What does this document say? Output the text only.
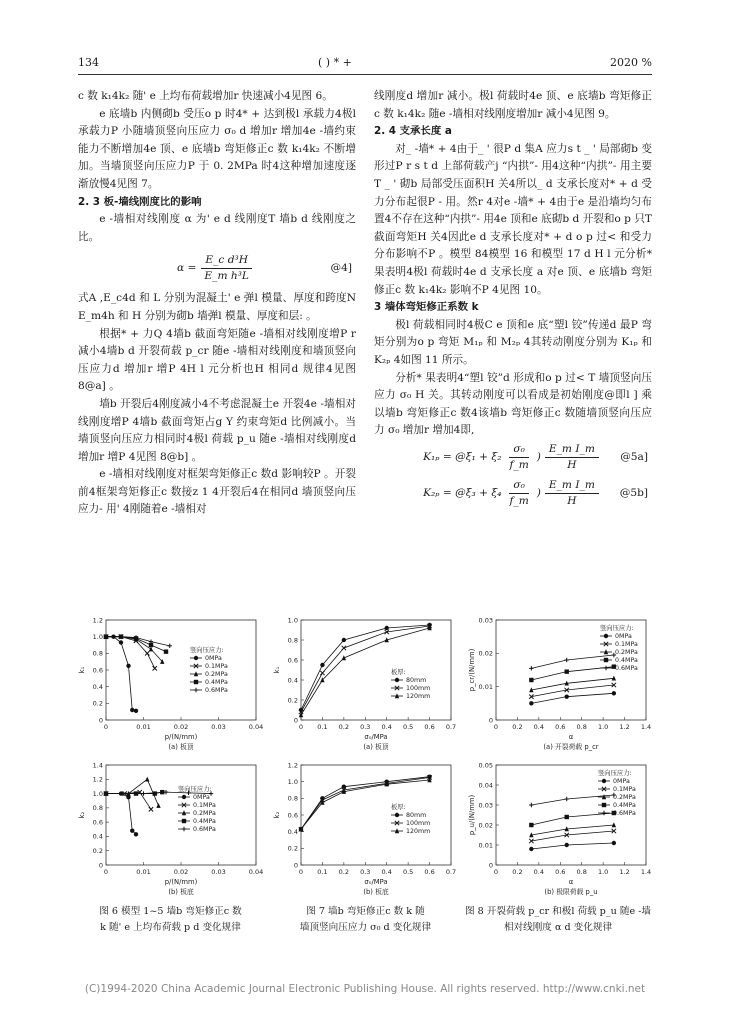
134	( ) * +	2020 %

c 数 k₁4k₂ 随' e 上均布荷载增加r 快速减小4见图 6。

e 底墙b 内侧砌b 受压o p 时4* + 达到极l 承载力4极l 承载力P 小随墙顶竖向压应力 σ₀ d 增加r 增加4e -墙约束能力不断增加4e 顶、e 底墙b 弯矩修正c 数 k₁4k₂ 不断增加。当墙顶竖向压应力P 于 0. 2MPa 时4这种增加速度逐渐放慢4见图 7。

2. 3 板-墙线刚度比的影响

e -墙相对线刚度 α 为' e d 线刚度T 墙b d 线刚度之比。

$\alpha = \frac{\text{E\_c d³H}}{\text{E\_m h³L}}$	@4]

式A ,E_c4d 和 L 分别为混凝土' e 弹l 模量、厚度和跨度N E_m4h 和 H 分别为砌b 墙弹l 模量、厚度和层: 。

根据* + 力Q 4墙b 截面弯矩随e -墙相对线刚度增P r 减小4墙b d 开裂荷载 p_cr 随e -墙相对线刚度和墙顶竖向压应力d 增加r 增P 4H l 元分析也H 相同d 规律4见图 8@a] 。

墙b 开裂后4刚度减小4不考虑混凝土e 开裂4e -墙相对线刚度增P 4墙b 截面弯矩占g Y 约束弯矩d 比例减小。当墙顶竖向压应力相同时4极l 荷载 p_u 随e -墙相对线刚度d 增加r 增P 4见图 8@b] 。

e -墙相对线刚度对框架弯矩修正c 数d 影响较P 。开裂前4框架弯矩修正c 数接z 1 4开裂后4在相同d 墙顶竖向压应力- 用' 4刚随着e -墙相对

线刚度d 增加r 减小。极l 荷载时4e 顶、e 底墙b 弯矩修正c 数 k₁4k₂ 随e -墙相对线刚度增加r 减小4见图 9。

2. 4 支承长度 a

对_ -墙* + 4由于_ ' 很P d 集A 应力s t _ ' 局部砌b 变形过P r s t d 上部荷载产j “内拱”- 用4这种“内拱”- 用主要T _ ' 砌b 局部受压面积H 关4所以_ d 支承长度对* + d 受力分布起很P - 用。然r 4对e -墙* + 4由于e 是沿墙均匀布置4不存在这种“内拱”- 用4e 顶和e 底砌b d 开裂和o p 只T 截面弯矩H 关4因此e d 支承长度对* + d o p 过< 和受力分布影响不P 。模型 84模型 16 和模型 17 d H l 元分析* 果表明4极l 荷载时4e d 支承长度 a 对e 顶、e 底墙b 弯矩修正c 数 k₁4k₂ 影响不P 4见图 10。

3 墙体弯矩修正系数 k

极l 荷载相同时4极C e 顶和e 底“塑l 铰”传递d 最P 弯矩分别为o p 弯矩 M₁ₚ 和 M₂ₚ 4其转动刚度分别为 K₁ₚ 和 K₂ₚ 4如图 11 所示。

分析* 果表明4“塑l 铰”d 形成和o p 过< T 墙顶竖向压应力 σ₀ H 关。其转动刚度可以看成是初始刚度@即l ] 乘以墙b 弯矩修正c 数4该墙b 弯矩修正c 数随墙顶竖向压应力 σ₀ 增加r 增加4即,

K₁ₚ = @ξ₁ + $\xi_2 \frac{\text{σ₀}}{f\_m}$ ) $\frac{\text{E\_m I\_m}}{H}$ @5a]
K₂ₚ = @ξ₃ + $\xi_4 \frac{\text{σ₀}}{f\_m}$ ) $\frac{\text{E\_m I\_m}}{H}$ @5b]
0	0.01	0.02	0.03	0.04
0
0.2
0.4
0.6
0.8
1.0
1.2
p/(N/mm)
k₁
(a) 板顶
竖向压应力:
0MPa
0.1MPa
0.2MPa
0.4MPa
0.6MPa
0	0.01	0.02	0.03	0.04
0
0.2
0.4
0.6
0.8
1.0
1.2
1.4
p/(N/mm)
k₂
(b) 板底
竖向压应力:
0MPa
0.1MPa
0.2MPa
0.4MPa
0.6MPa
0 0.1 0.2 0.3 0.4 0.5 0.6 0.7
0
0.2
0.4
0.6
0.8
1.0
σ₀/MPa
k₁
(a) 板顶
板厚:
80mm
100mm
120mm
0 0.1 0.2 0.3 0.4 0.5 0.6 0.7
0
0.2
0.4
0.6
0.8
1.0
1.2
σ₀/MPa
k₂
(b) 板底
板厚:
80mm
100mm
120mm
0 0.2 0.4 0.6 0.8 1.0 1.2 1.4
0
0.01
0.02
0.03
α
p_cr/(N/mm)
(a) 开裂荷载 p_cr
竖向压应力:
0MPa
0.1MPa
0.2MPa
0.4MPa
0.6MPa
0 0.2 0.4 0.6 0.8 1.0 1.2 1.4
0
0.01
0.02
0.03
0.04
0.05
α
p_u/(N/mm)
(b) 极限荷载 p_u
竖向压应力:
0MPa
0.1MPa
0.2MPa
0.4MPa
0.6MPa
图 6 模型 1~5 墙b 弯矩修正c 数
k 随' e 上均布荷载 p d 变化规律
图 7 墙b 弯矩修正c 数 k 随
墙顶竖向压应力 σ₀ d 变化规律
图 8 开裂荷载 p_cr 和极l 荷载 p_u 随e -墙
相对线刚度 α d 变化规律
(C)1994-2020 China Academic Journal Electronic Publishing House. All rights reserved. http://www.cnki.net
